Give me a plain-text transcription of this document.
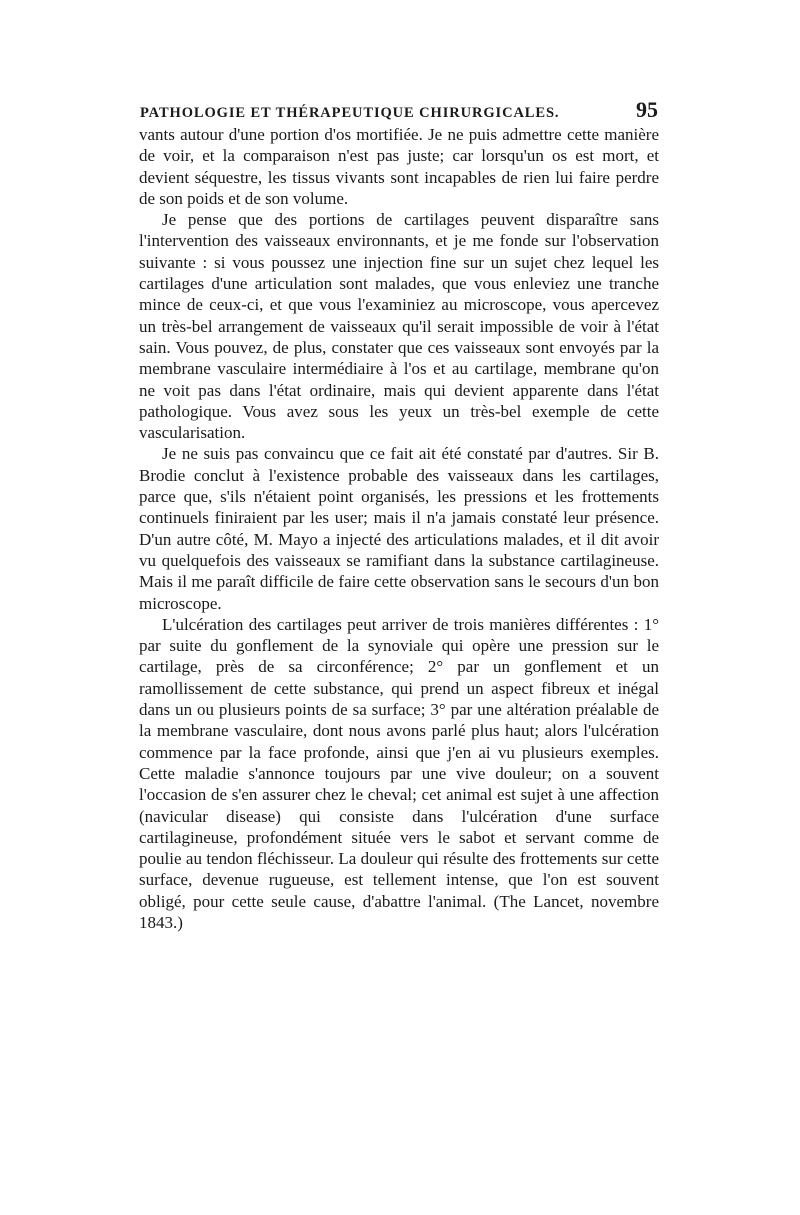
PATHOLOGIE ET THÉRAPEUTIQUE CHIRURGICALES.	95

vants autour d'une portion d'os mortifiée. Je ne puis admettre cette manière de voir, et la comparaison n'est pas juste; car lorsqu'un os est mort, et devient séquestre, les tissus vivants sont incapables de rien lui faire perdre de son poids et de son volume.

Je pense que des portions de cartilages peuvent disparaître sans l'intervention des vaisseaux environnants, et je me fonde sur l'observation suivante : si vous poussez une injection fine sur un sujet chez lequel les cartilages d'une articulation sont malades, que vous enleviez une tranche mince de ceux-ci, et que vous l'examiniez au microscope, vous apercevez un très-bel arrangement de vaisseaux qu'il serait impossible de voir à l'état sain. Vous pouvez, de plus, constater que ces vaisseaux sont envoyés par la membrane vasculaire intermédiaire à l'os et au cartilage, membrane qu'on ne voit pas dans l'état ordinaire, mais qui devient apparente dans l'état pathologique. Vous avez sous les yeux un très-bel exemple de cette vascularisation.

Je ne suis pas convaincu que ce fait ait été constaté par d'autres. Sir B. Brodie conclut à l'existence probable des vaisseaux dans les cartilages, parce que, s'ils n'étaient point organisés, les pressions et les frottements continuels finiraient par les user; mais il n'a jamais constaté leur présence. D'un autre côté, M. Mayo a injecté des articulations malades, et il dit avoir vu quelquefois des vaisseaux se ramifiant dans la substance cartilagineuse. Mais il me paraît difficile de faire cette observation sans le secours d'un bon microscope.

L'ulcération des cartilages peut arriver de trois manières différentes : 1° par suite du gonflement de la synoviale qui opère une pression sur le cartilage, près de sa circonférence; 2° par un gonflement et un ramollissement de cette substance, qui prend un aspect fibreux et inégal dans un ou plusieurs points de sa surface; 3° par une altération préalable de la membrane vasculaire, dont nous avons parlé plus haut; alors l'ulcération commence par la face profonde, ainsi que j'en ai vu plusieurs exemples. Cette maladie s'annonce toujours par une vive douleur; on a souvent l'occasion de s'en assurer chez le cheval; cet animal est sujet à une affection (navicular disease) qui consiste dans l'ulcération d'une surface cartilagineuse, profondément située vers le sabot et servant comme de poulie au tendon fléchisseur. La douleur qui résulte des frottements sur cette surface, devenue rugueuse, est tellement intense, que l'on est souvent obligé, pour cette seule cause, d'abattre l'animal. (The Lancet, novembre 1843.)
